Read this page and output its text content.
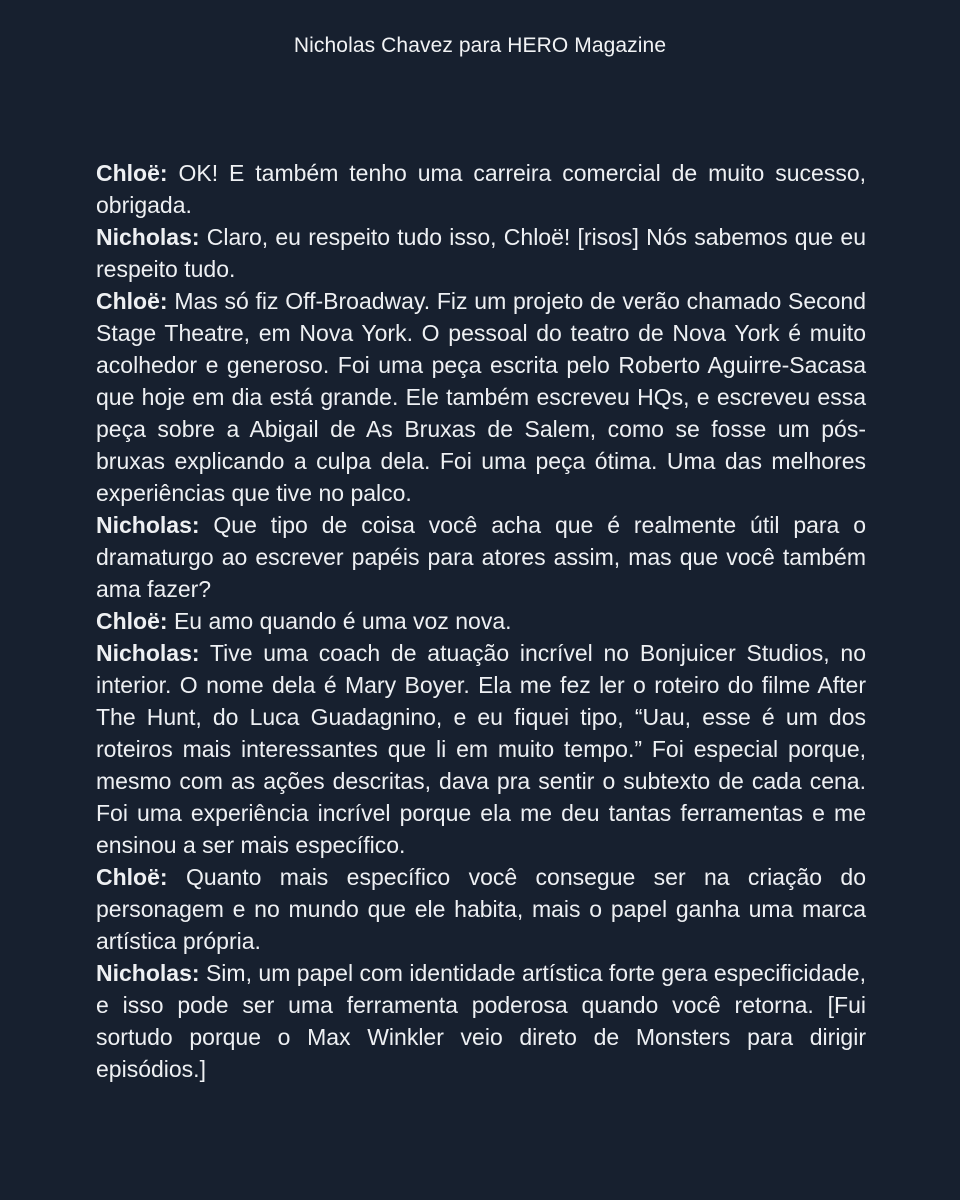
Nicholas Chavez para HERO Magazine

Chloë: OK! E também tenho uma carreira comercial de muito sucesso, obrigada.

Nicholas: Claro, eu respeito tudo isso, Chloë! [risos] Nós sabemos que eu respeito tudo.

Chloë: Mas só fiz Off-Broadway. Fiz um projeto de verão chamado Second Stage Theatre, em Nova York. O pessoal do teatro de Nova York é muito acolhedor e generoso. Foi uma peça escrita pelo Roberto Aguirre-Sacasa que hoje em dia está grande. Ele também escreveu HQs, e escreveu essa peça sobre a Abigail de As Bruxas de Salem, como se fosse um pós-bruxas explicando a culpa dela. Foi uma peça ótima. Uma das melhores experiências que tive no palco.

Nicholas: Que tipo de coisa você acha que é realmente útil para o dramaturgo ao escrever papéis para atores assim, mas que você também ama fazer?

Chloë: Eu amo quando é uma voz nova.

Nicholas: Tive uma coach de atuação incrível no Bonjuicer Studios, no interior. O nome dela é Mary Boyer. Ela me fez ler o roteiro do filme After The Hunt, do Luca Guadagnino, e eu fiquei tipo, “Uau, esse é um dos roteiros mais interessantes que li em muito tempo.” Foi especial porque, mesmo com as ações descritas, dava pra sentir o subtexto de cada cena. Foi uma experiência incrível porque ela me deu tantas ferramentas e me ensinou a ser mais específico.

Chloë: Quanto mais específico você consegue ser na criação do personagem e no mundo que ele habita, mais o papel ganha uma marca artística própria.

Nicholas: Sim, um papel com identidade artística forte gera especificidade, e isso pode ser uma ferramenta poderosa quando você retorna. [Fui sortudo porque o Max Winkler veio direto de Monsters para dirigir episódios.]
